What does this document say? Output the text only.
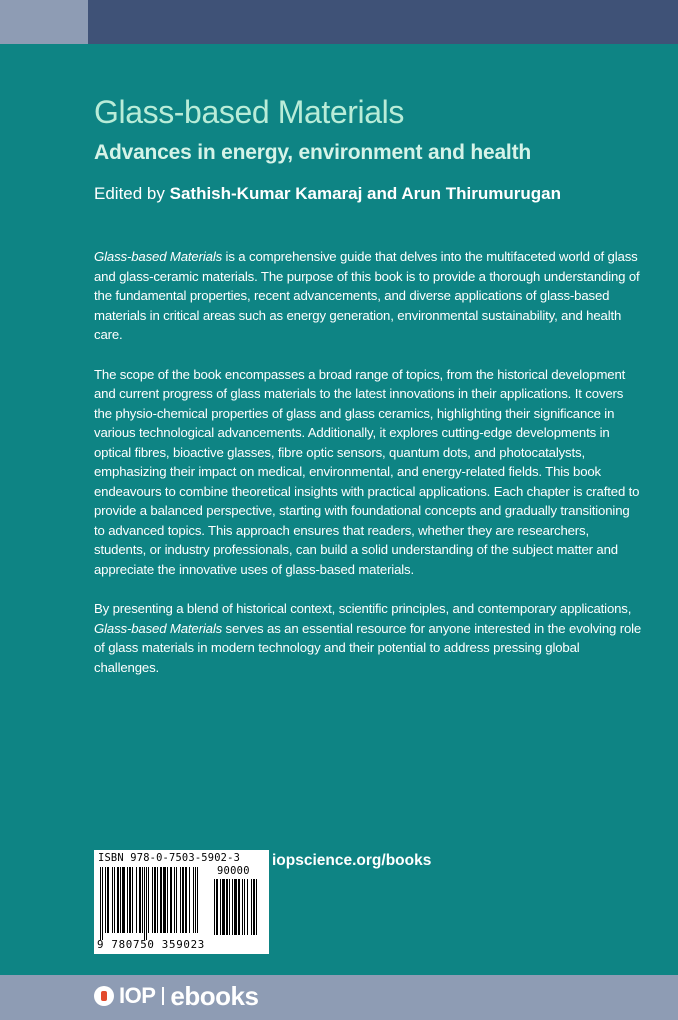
Glass-based Materials
Advances in energy, environment and health
Edited by Sathish-Kumar Kamaraj and Arun Thirumurugan

Glass-based Materials is a comprehensive guide that delves into the multifaceted world of glass and glass-ceramic materials. The purpose of this book is to provide a thorough understanding of the fundamental properties, recent advancements, and diverse applications of glass-based materials in critical areas such as energy generation, environmental sustainability, and health care.

The scope of the book encompasses a broad range of topics, from the historical development and current progress of glass materials to the latest innovations in their applications. It covers the physio-chemical properties of glass and glass ceramics, highlighting their significance in various technological advancements. Additionally, it explores cutting-edge developments in optical fibres, bioactive glasses, fibre optic sensors, quantum dots, and photocatalysts, emphasizing their impact on medical, environmental, and energy-related fields. This book endeavours to combine theoretical insights with practical applications. Each chapter is crafted to provide a balanced perspective, starting with foundational concepts and gradually transitioning to advanced topics. This approach ensures that readers, whether they are researchers, students, or industry professionals, can build a solid understanding of the subject matter and appreciate the innovative uses of glass-based materials.

By presenting a blend of historical context, scientific principles, and contemporary applications, Glass-based Materials serves as an essential resource for anyone interested in the evolving role of glass materials in modern technology and their potential to address pressing global challenges.

ISBN 978-0-7503-5902-3
90000
9 780750 359023
iopscience.org/books
IOP ebooks
